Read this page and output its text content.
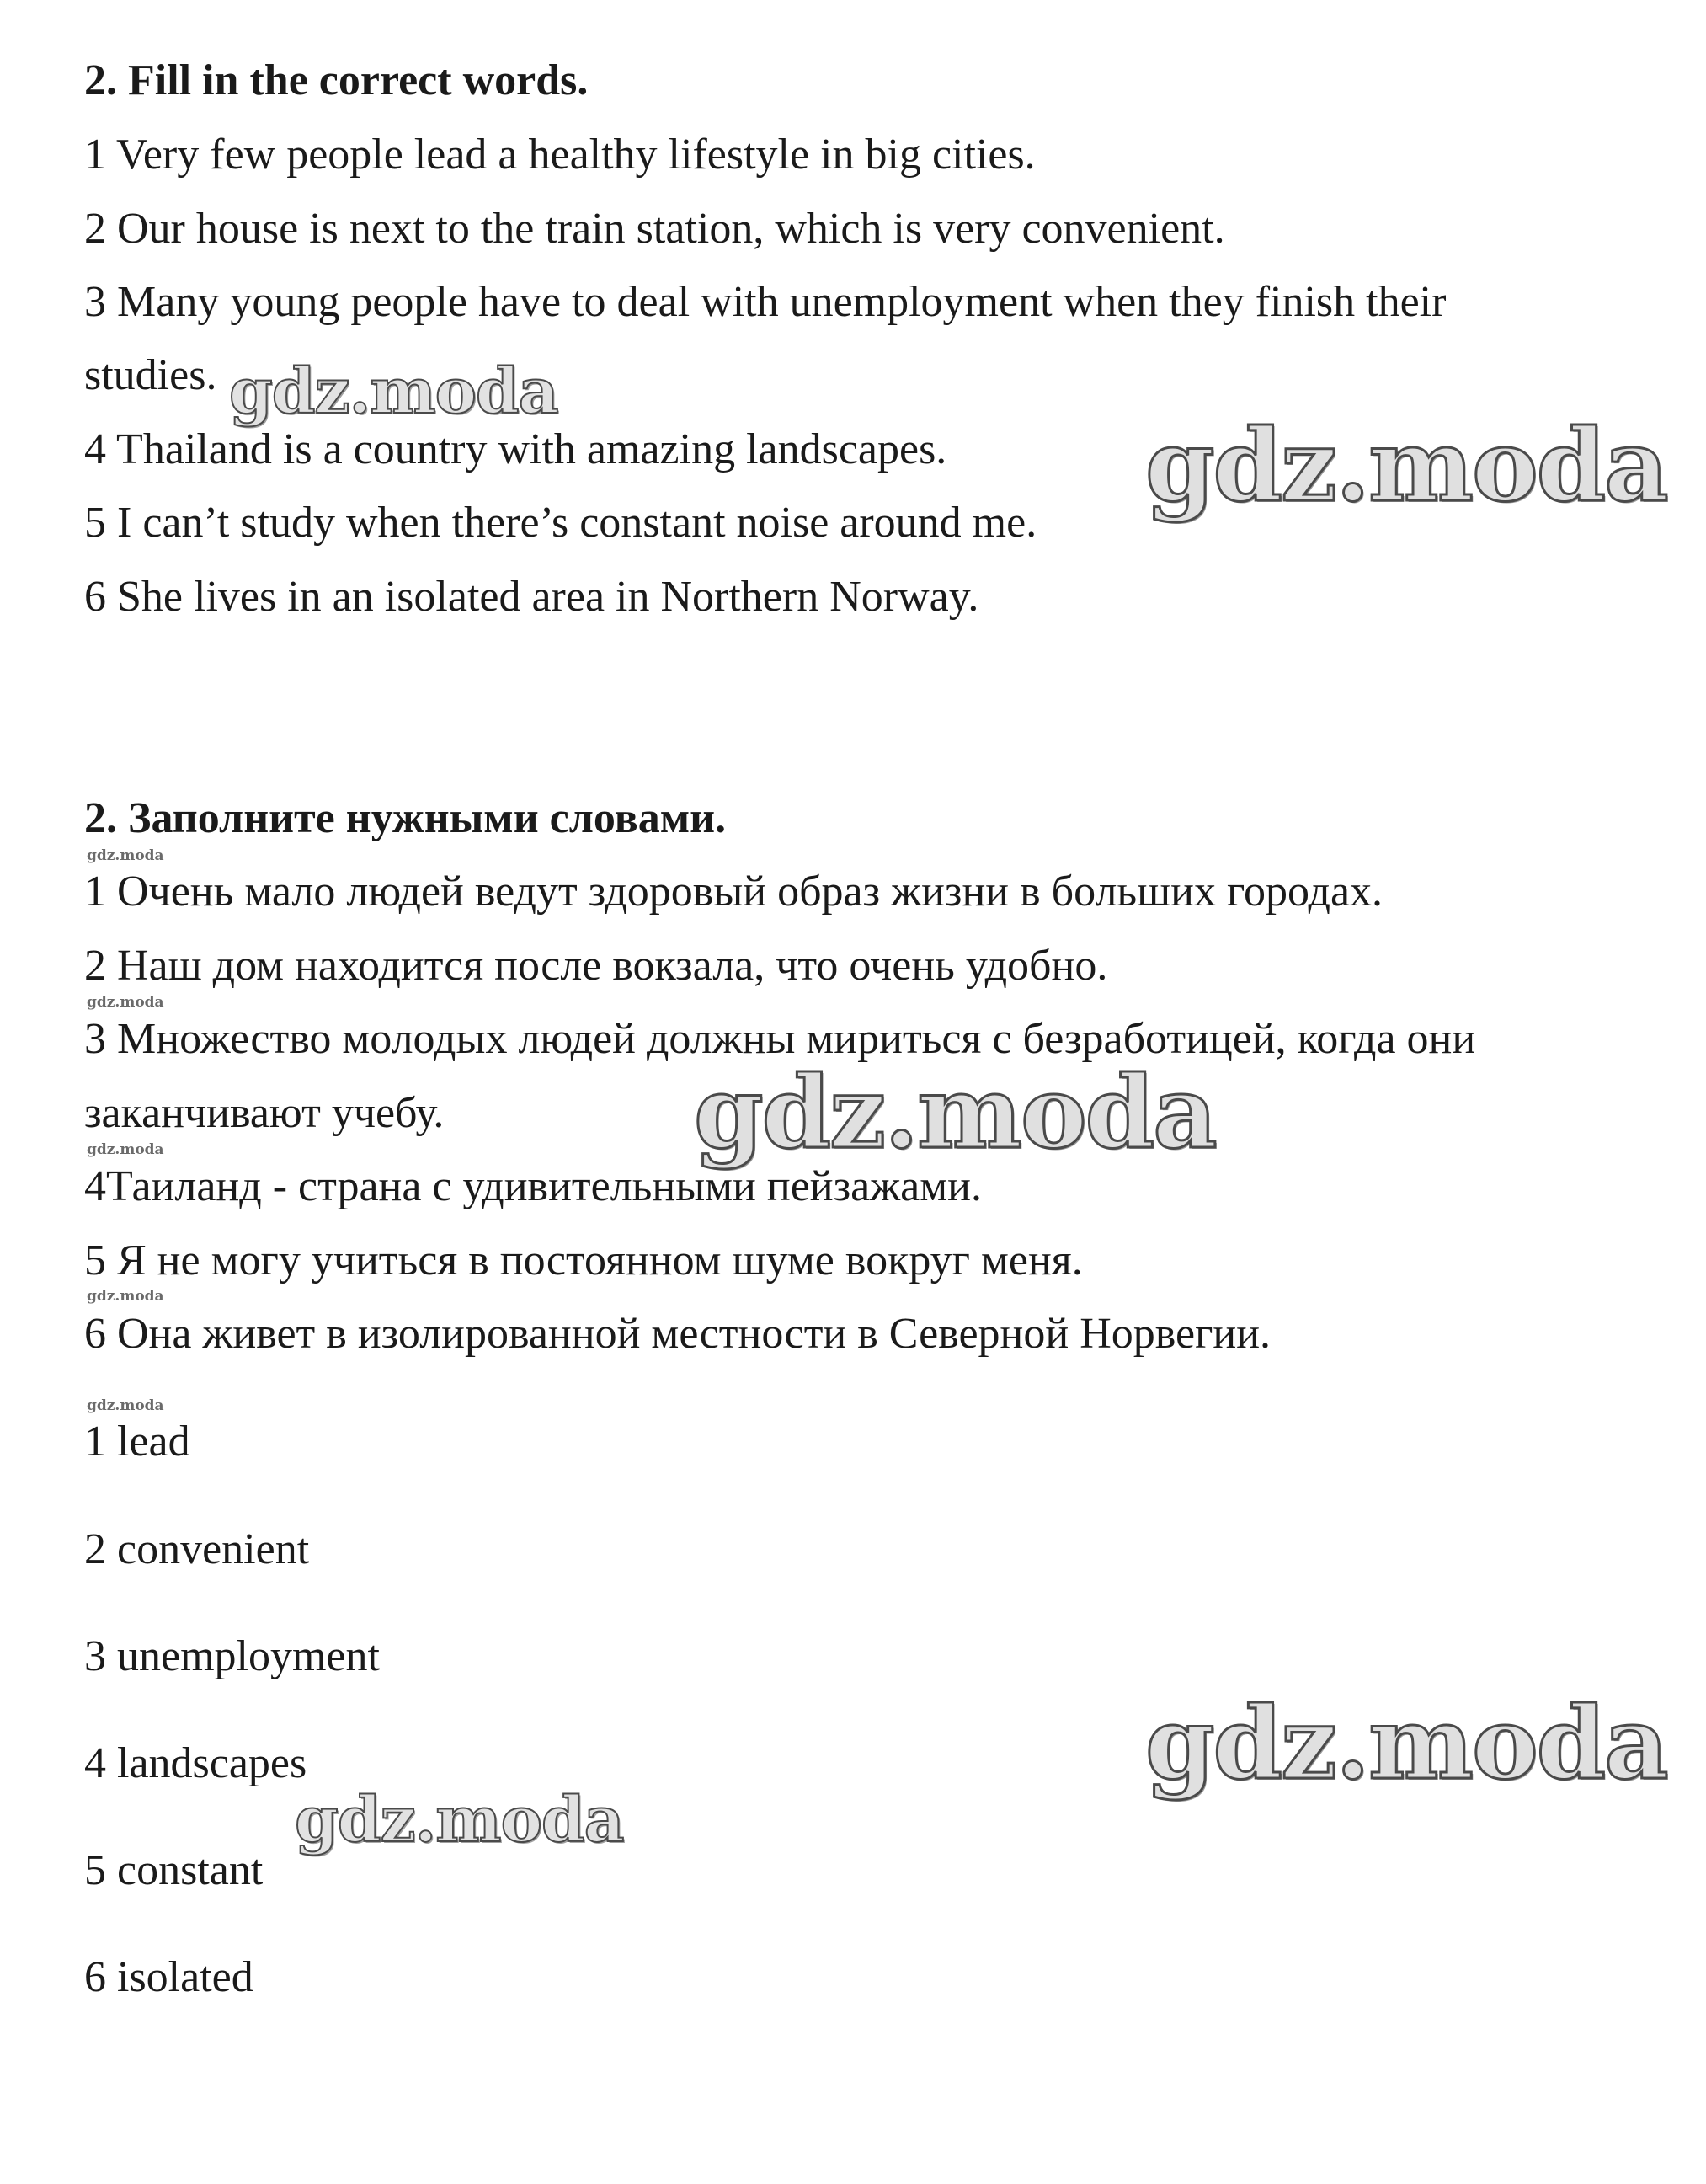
2. Fill in the correct words.
1 Very few people lead a healthy lifestyle in big cities.
2 Our house is next to the train station, which is very convenient.
3 Many young people have to deal with unemployment when they finish their
studies.
4 Thailand is a country with amazing landscapes.
5 I can’t study when there’s constant noise around me.
6 She lives in an isolated area in Northern Norway.
2. Заполните нужными словами.
1 Очень мало людей ведут здоровый образ жизни в больших городах.
2 Наш дом находится после вокзала, что очень удобно.
3 Множество молодых людей должны мириться с безработицей, когда они
заканчивают учебу.
4Таиланд - страна с удивительными пейзажами.
5 Я не могу учиться в постоянном шуме вокруг меня.
6 Она живет в изолированной местности в Северной Норвегии.
1 lead
2 convenient
3 unemployment
4 landscapes
5 constant
6 isolated
gdz.moda
gdz.moda
gdz.moda
gdz.moda
gdz.moda
gdz.moda
gdz.moda
gdz.moda
gdz.moda
gdz.moda
